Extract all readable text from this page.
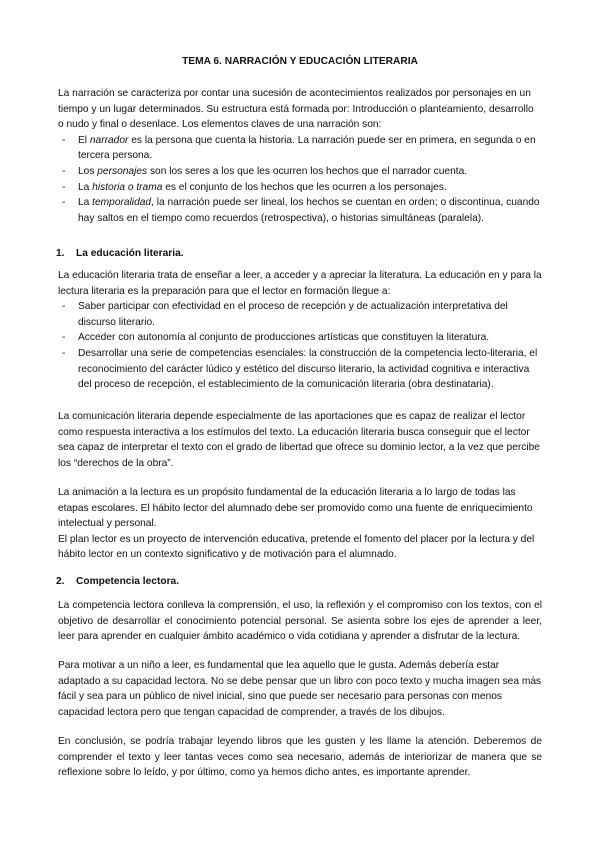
TEMA 6. NARRACIÓN Y EDUCACIÓN LITERARIA

La narración se caracteriza por contar una sucesión de acontecimientos realizados por personajes en un tiempo y un lugar determinados. Su estructura está formada por: Introducción o planteamiento, desarrollo o nudo y final o desenlace. Los elementos claves de una narración son:

- El narrador es la persona que cuenta la historia. La narración puede ser en primera, en segunda o en tercera persona.
- Los personajes son los seres a los que les ocurren los hechos que el narrador cuenta.
- La historia o trama es el conjunto de los hechos que les ocurren a los personajes.
- La temporalidad, la narración puede ser lineal, los hechos se cuentan en orden; o discontinua, cuando hay saltos en el tiempo como recuerdos (retrospectiva), o historias simultáneas (paralela).
1. La educación literaria.

La educación literaria trata de enseñar a leer, a acceder y a apreciar la literatura. La educación en y para la lectura literaria es la preparación para que el lector en formación llegue a:

- Saber participar con efectividad en el proceso de recepción y de actualización interpretativa del discurso literario.
- Acceder con autonomía al conjunto de producciones artísticas que constituyen la literatura.
- Desarrollar una serie de competencias esenciales: la construcción de la competencia lecto-literaria, el reconocimiento del carácter lúdico y estético del discurso literario, la actividad cognitiva e interactiva del proceso de recepción, el establecimiento de la comunicación literaria (obra destinataria).

La comunicación literaria depende especialmente de las aportaciones que es capaz de realizar el lector como respuesta interactiva a los estímulos del texto. La educación literaria busca conseguir que el lector sea capaz de interpretar el texto con el grado de libertad que ofrece su dominio lector, a la vez que percibe los “derechos de la obra”.

La animación a la lectura es un propósito fundamental de la educación literaria a lo largo de todas las etapas escolares. El hábito lector del alumnado debe ser promovido como una fuente de enriquecimiento intelectual y personal.

El plan lector es un proyecto de intervención educativa, pretende el fomento del placer por la lectura y del hábito lector en un contexto significativo y de motivación para el alumnado.

2. Competencia lectora.

La competencia lectora conlleva la comprensión, el uso, la reflexión y el compromiso con los textos, con el objetivo de desarrollar el conocimiento potencial personal. Se asienta sobre los ejes de aprender a leer, leer para aprender en cualquier ámbito académico o vida cotidiana y aprender a disfrutar de la lectura.

Para motivar a un niño a leer, es fundamental que lea aquello que le gusta. Además debería estar adaptado a su capacidad lectora. No se debe pensar que un libro con poco texto y mucha imagen sea más fácil y sea para un público de nivel inicial, sino que puede ser necesario para personas con menos capacidad lectora pero que tengan capacidad de comprender, a través de los dibujos.

En conclusión, se podría trabajar leyendo libros que les gusten y les llame la atención. Deberemos de comprender el texto y leer tantas veces como sea necesario, además de interiorizar de manera que se reflexione sobre lo leído, y por último, como ya hemos dicho antes, es importante aprender.
